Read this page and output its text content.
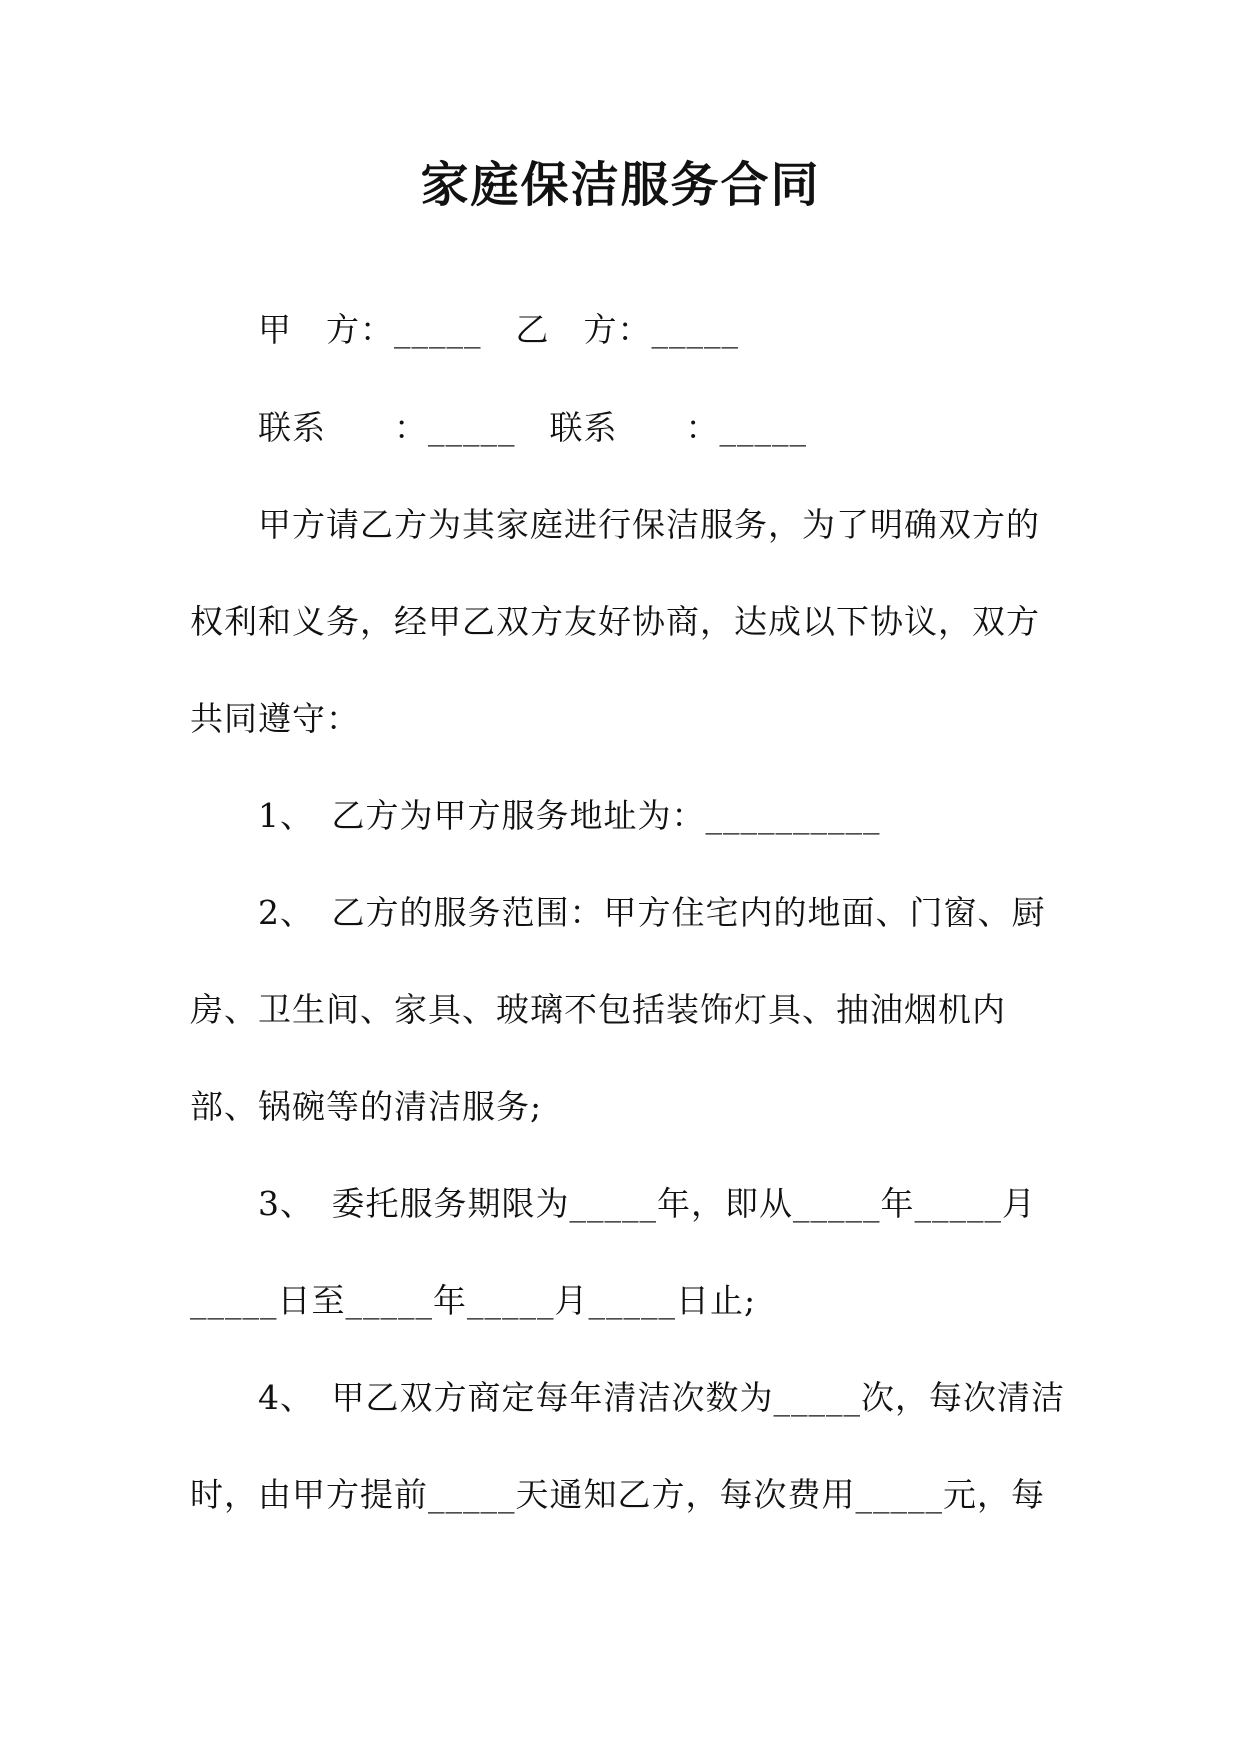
家庭保洁服务合同
甲　方：_____　乙　方：_____
联系　　：_____　联系　　：_____
甲方请乙方为其家庭进行保洁服务，为了明确双方的
权利和义务，经甲乙双方友好协商，达成以下协议，双方
共同遵守：
1、　乙方为甲方服务地址为：__________
2、　乙方的服务范围：甲方住宅内的地面、门窗、厨
房、卫生间、家具、玻璃不包括装饰灯具、抽油烟机内
部、锅碗等的清洁服务;
3、　委托服务期限为_____年，即从_____年_____月
_____日至_____年_____月_____日止;
4、　甲乙双方商定每年清洁次数为_____次，每次清洁
时，由甲方提前_____天通知乙方，每次费用_____元，每
